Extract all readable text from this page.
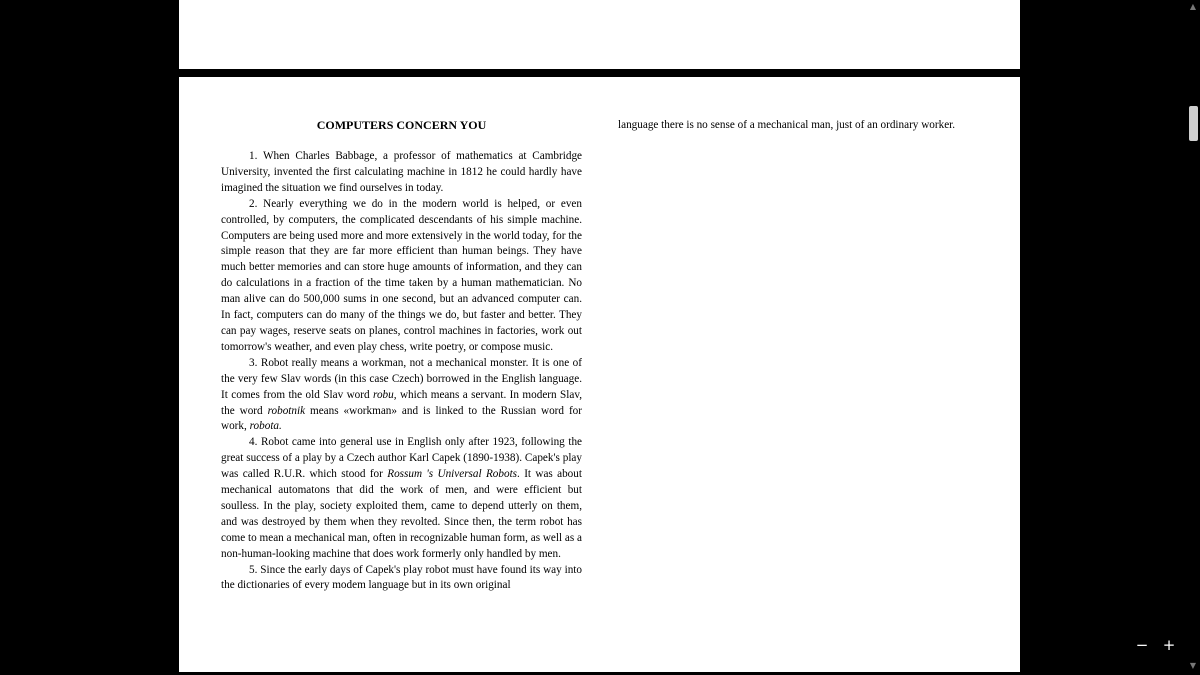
COMPUTERS CONCERN YOU

1. When Charles Babbage, a professor of mathematics at Cambridge University, invented the first calculating machine in 1812 he could hardly have imagined the situation we find ourselves in today.

2. Nearly everything we do in the modern world is helped, or even controlled, by computers, the complicated descendants of his simple machine. Computers are being used more and more extensively in the world today, for the simple reason that they are far more efficient than human beings. They have much better memories and can store huge amounts of information, and they can do calculations in a fraction of the time taken by a human mathematician. No man alive can do 500,000 sums in one second, but an advanced computer can. In fact, computers can do many of the things we do, but faster and better. They can pay wages, reserve seats on planes, control machines in factories, work out tomorrow's weather, and even play chess, write poetry, or compose music.

3. Robot really means a workman, not a mechanical monster. It is one of the very few Slav words (in this case Czech) borrowed in the English language. It comes from the old Slav word robu, which means a servant. In modern Slav, the word robotnik means «workman» and is linked to the Russian word for work, robota.

4. Robot came into general use in English only after 1923, following the great success of a play by a Czech author Karl Capek (1890-1938). Capek's play was called R.U.R. which stood for Rossum 's Universal Robots. It was about mechanical automatons that did the work of men, and were efficient but soulless. In the play, society exploited them, came to depend utterly on them, and was destroyed by them when they revolted. Since then, the term robot has come to mean a mechanical man, often in recognizable human form, as well as a non-human-looking machine that does work formerly only handled by men.

5. Since the early days of Capek's play robot must have found its way into the dictionaries of every modem language but in its own original

language there is no sense of a mechanical man, just of an ordinary worker.

▲
▼
− +
